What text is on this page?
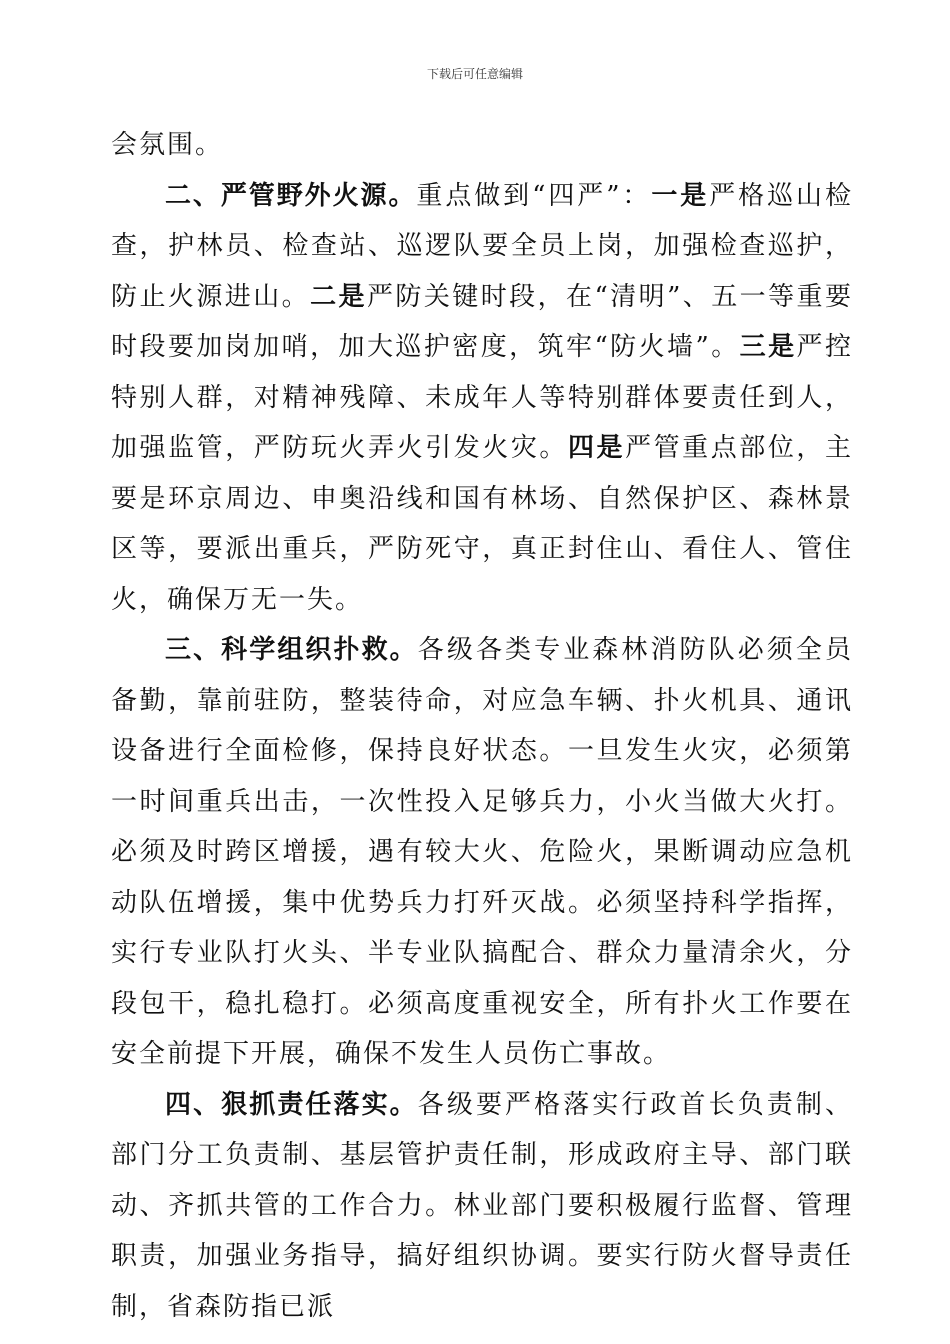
下载后可任意编辑

会氛围。

二、严管野外火源。重点做到“四严”：一是严格巡山检查，护林员、检查站、巡逻队要全员上岗，加强检查巡护，防止火源进山。二是严防关键时段，在“清明”、五一等重要时段要加岗加哨，加大巡护密度，筑牢“防火墙”。三是严控特别人群，对精神残障、未成年人等特别群体要责任到人，加强监管，严防玩火弄火引发火灾。四是严管重点部位，主要是环京周边、申奥沿线和国有林场、自然保护区、森林景区等，要派出重兵，严防死守，真正封住山、看住人、管住火，确保万无一失。

三、科学组织扑救。各级各类专业森林消防队必须全员备勤，靠前驻防，整装待命，对应急车辆、扑火机具、通讯设备进行全面检修，保持良好状态。一旦发生火灾，必须第一时间重兵出击，一次性投入足够兵力，小火当做大火打。必须及时跨区增援，遇有较大火、危险火，果断调动应急机动队伍增援，集中优势兵力打歼灭战。必须坚持科学指挥，实行专业队打火头、半专业队搞配合、群众力量清余火，分段包干，稳扎稳打。必须高度重视安全，所有扑火工作要在安全前提下开展，确保不发生人员伤亡事故。

四、狠抓责任落实。各级要严格落实行政首长负责制、部门分工负责制、基层管护责任制，形成政府主导、部门联动、齐抓共管的工作合力。林业部门要积极履行监督、管理职责，加强业务指导，搞好组织协调。要实行防火督导责任制，省森防指已派
